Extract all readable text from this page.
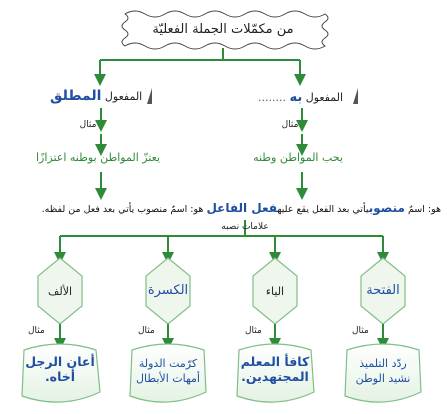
من مكمّلات الجملة الفعليّة
المفعول به ........
مثال
يحب المواطن وطنه
المفعول المطلق
مثال
يعتزّ المواطن بوطنه اعتزازًا
هو: اسمٌ منصوبيأتي بعد الفعل يقع عليهفعل الفاعل هو: اسمٌ منصوب يأتي بعد فعل من لفظه.
علامات نصبه
الفتحة
الياء
الكسرة
الألف
مثال
مثال
مثال
مثال
ردّد التلميذ نشيد الوطن
كافأ المعلم المجتهدين.
كرّمت الدولة أمهات الأبطال
أعان الرجل أخاه.
